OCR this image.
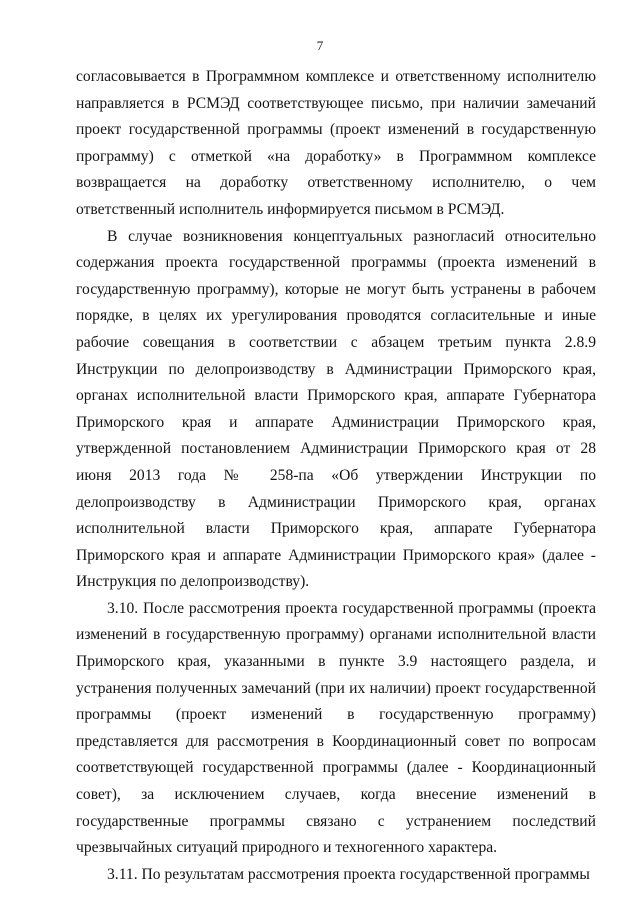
7

согласовывается в Программном комплексе и ответственному исполнителю направляется в РСМЭД соответствующее письмо, при наличии замечаний проект государственной программы (проект изменений в государственную программу) с отметкой «на доработку» в Программном комплексе возвращается на доработку ответственному исполнителю, о чем ответственный исполнитель информируется письмом в РСМЭД.

В случае возникновения концептуальных разногласий относительно содержания проекта государственной программы (проекта изменений в государственную программу), которые не могут быть устранены в рабочем порядке, в целях их урегулирования проводятся согласительные и иные рабочие совещания в соответствии с абзацем третьим пункта 2.8.9 Инструкции по делопроизводству в Администрации Приморского края, органах исполнительной власти Приморского края, аппарате Губернатора Приморского края и аппарате Администрации Приморского края, утвержденной постановлением Администрации Приморского края от 28 июня 2013 года № 258-па «Об утверждении Инструкции по делопроизводству в Администрации Приморского края, органах исполнительной власти Приморского края, аппарате Губернатора Приморского края и аппарате Администрации Приморского края» (далее - Инструкция по делопроизводству).

3.10. После рассмотрения проекта государственной программы (проекта изменений в государственную программу) органами исполнительной власти Приморского края, указанными в пункте 3.9 настоящего раздела, и устранения полученных замечаний (при их наличии) проект государственной программы (проект изменений в государственную программу) представляется для рассмотрения в Координационный совет по вопросам соответствующей государственной программы (далее - Координационный совет), за исключением случаев, когда внесение изменений в государственные программы связано с устранением последствий чрезвычайных ситуаций природного и техногенного характера.

3.11. По результатам рассмотрения проекта государственной программы
